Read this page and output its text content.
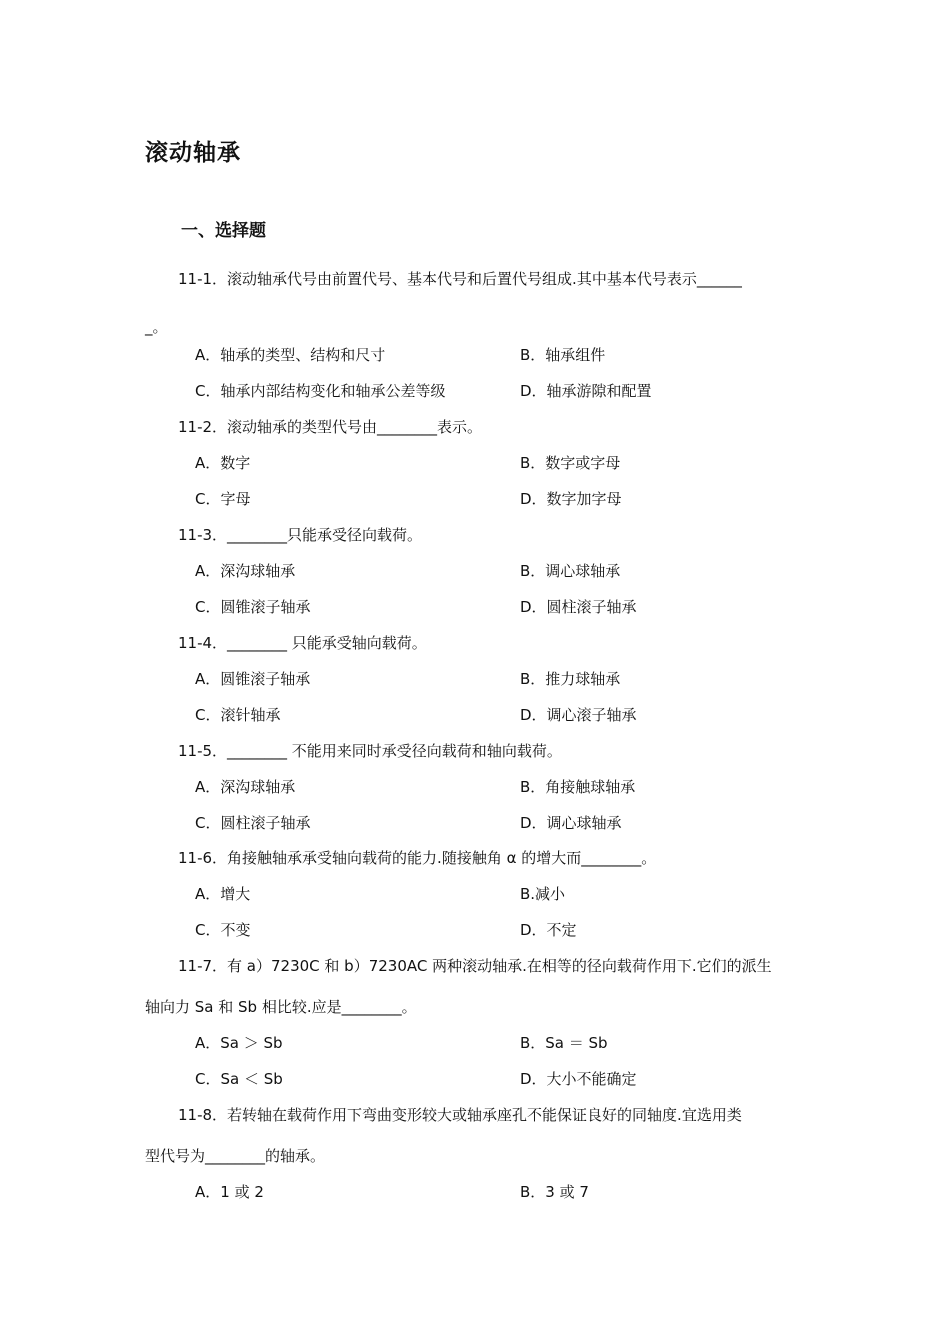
滚动轴承
一、选择题
11-1．滚动轴承代号由前置代号、基本代号和后置代号组成.其中基本代号表示______
_。
A．轴承的类型、结构和尺寸	B．轴承组件
C．轴承内部结构变化和轴承公差等级	D．轴承游隙和配置
11-2．滚动轴承的类型代号由________表示。
A．数字	B．数字或字母
C．字母	D．数字加字母
11-3．________只能承受径向载荷。
A．深沟球轴承	B．调心球轴承
C．圆锥滚子轴承	D．圆柱滚子轴承
11-4．________ 只能承受轴向载荷。
A．圆锥滚子轴承	B．推力球轴承
C．滚针轴承	D．调心滚子轴承
11-5．________ 不能用来同时承受径向载荷和轴向载荷。
A．深沟球轴承	B．角接触球轴承
C．圆柱滚子轴承	D．调心球轴承
11-6．角接触轴承承受轴向载荷的能力.随接触角 α 的增大而________。
A．增大	B.减小
C．不变	D．不定
11-7．有 a）7230C 和 b）7230AC 两种滚动轴承.在相等的径向载荷作用下.它们的派生
轴向力 Sa 和 Sb 相比较.应是________。
A．Sa ＞ Sb	B．Sa ＝ Sb
C．Sa ＜ Sb	D．大小不能确定
11-8．若转轴在载荷作用下弯曲变形较大或轴承座孔不能保证良好的同轴度.宜选用类
型代号为________的轴承。
A．1 或 2	B．3 或 7
